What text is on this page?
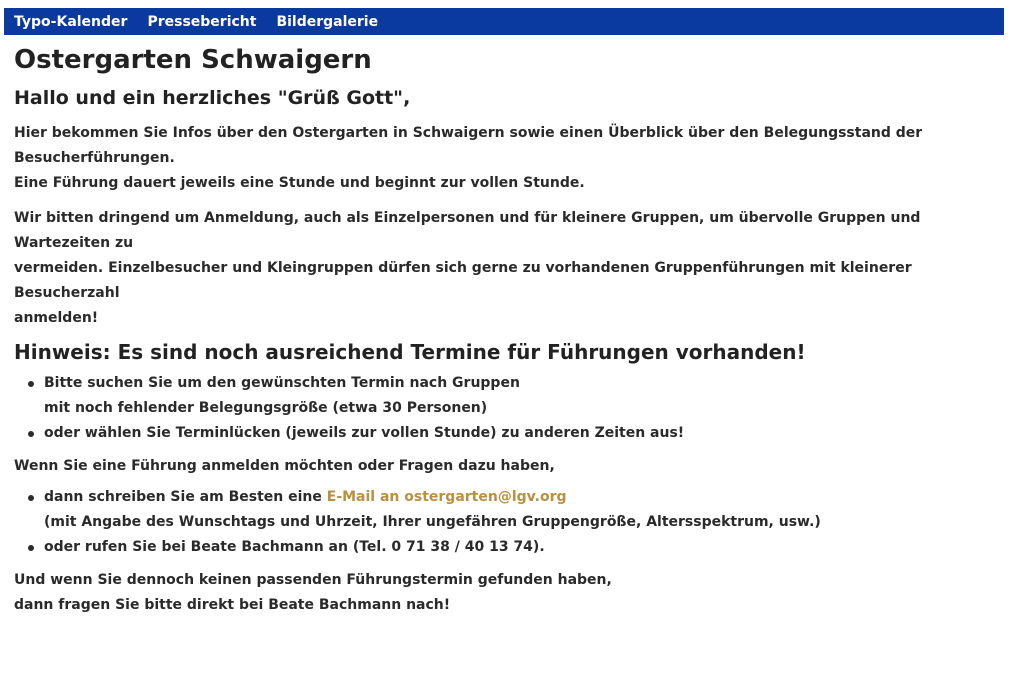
Typo-Kalender Pressebericht Bildergalerie
Ostergarten Schwaigern
Hallo und ein herzliches "Grüß Gott",

Hier bekommen Sie Infos über den Ostergarten in Schwaigern sowie einen Überblick über den Belegungsstand der Besucherführungen.
Eine Führung dauert jeweils eine Stunde und beginnt zur vollen Stunde.

Wir bitten dringend um Anmeldung, auch als Einzelpersonen und für kleinere Gruppen, um übervolle Gruppen und Wartezeiten zu
vermeiden. Einzelbesucher und Kleingruppen dürfen sich gerne zu vorhandenen Gruppenführungen mit kleinerer Besucherzahl
anmelden!

Hinweis: Es sind noch ausreichend Termine für Führungen vorhanden!
Bitte suchen Sie um den gewünschten Termin nach Gruppen
mit noch fehlender Belegungsgröße (etwa 30 Personen)
oder wählen Sie Terminlücken (jeweils zur vollen Stunde) zu anderen Zeiten aus!

Wenn Sie eine Führung anmelden möchten oder Fragen dazu haben,

dann schreiben Sie am Besten eine E-Mail an ostergarten@lgv.org
(mit Angabe des Wunschtags und Uhrzeit, Ihrer ungefähren Gruppengröße, Altersspektrum, usw.)
oder rufen Sie bei Beate Bachmann an (Tel. 0 71 38 / 40 13 74).

Und wenn Sie dennoch keinen passenden Führungstermin gefunden haben,
dann fragen Sie bitte direkt bei Beate Bachmann nach!
